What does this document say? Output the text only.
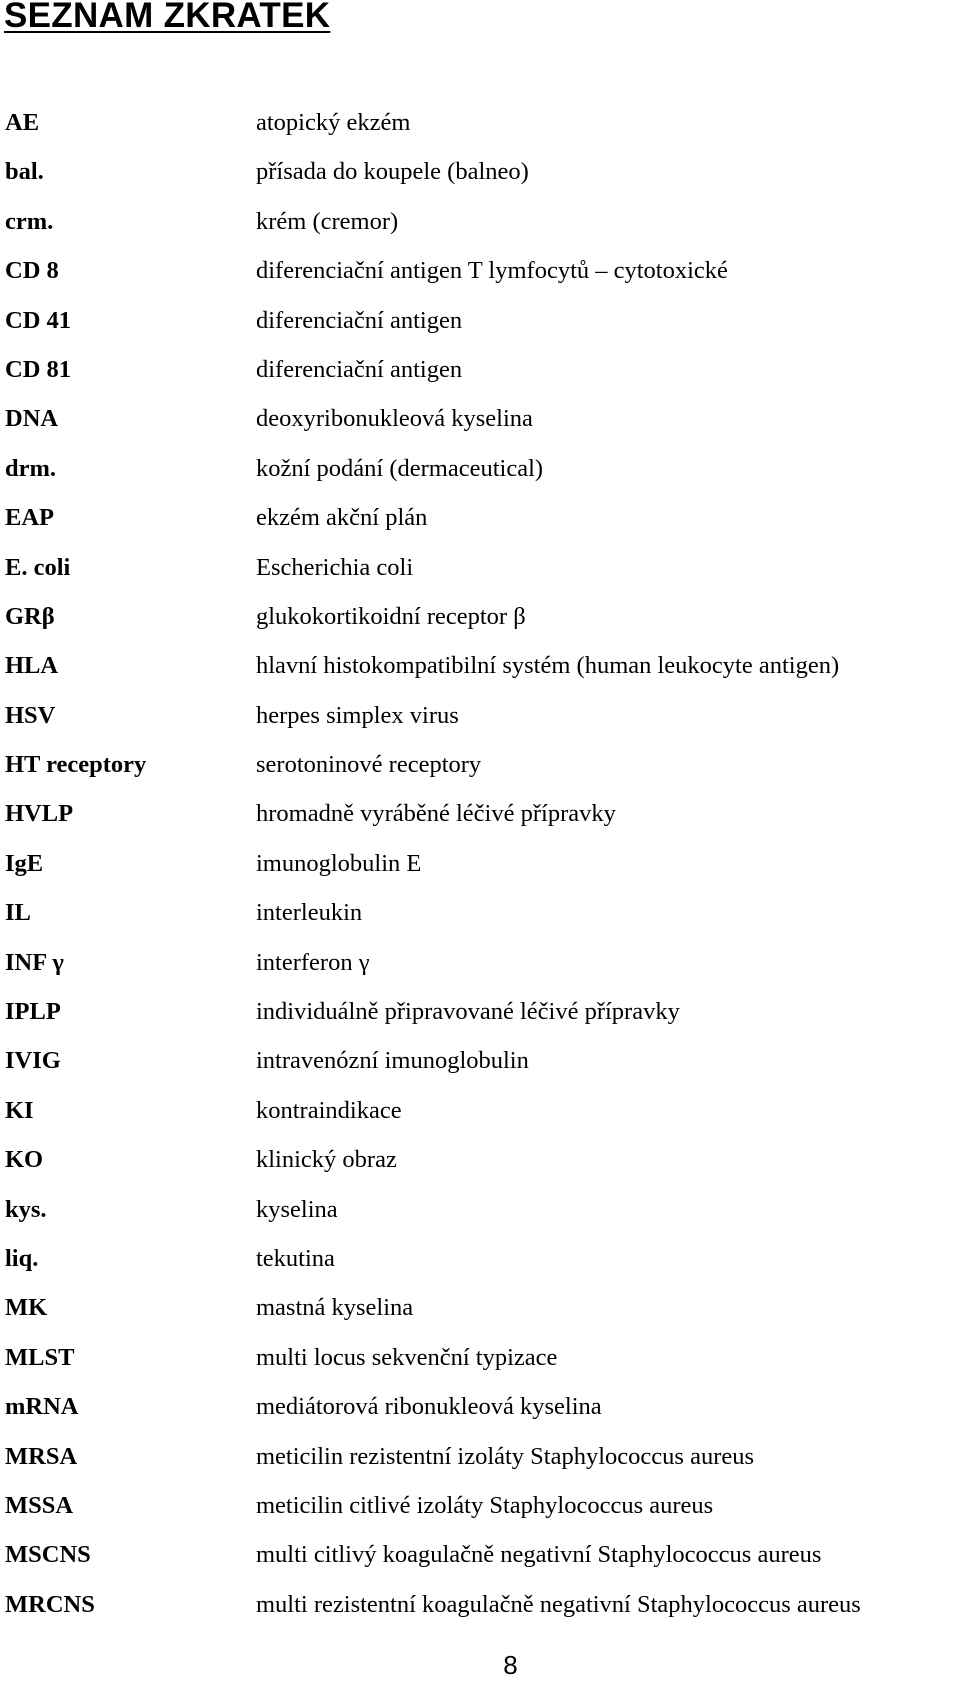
SEZNAM ZKRATEK
AE	atopický ekzém
bal.	přísada do koupele (balneo)
crm.	krém (cremor)
CD 8	diferenciační antigen T lymfocytů – cytotoxické
CD 41	diferenciační antigen
CD 81	diferenciační antigen
DNA	deoxyribonukleová kyselina
drm.	kožní podání (dermaceutical)
EAP	ekzém akční plán
E. coli	Escherichia coli
GRβ	glukokortikoidní receptor β
HLA	hlavní histokompatibilní systém (human leukocyte antigen)
HSV	herpes simplex virus
HT receptory	serotoninové receptory
HVLP	hromadně vyráběné léčivé přípravky
IgE	imunoglobulin E
IL	interleukin
INF γ	interferon γ
IPLP	individuálně připravované léčivé přípravky
IVIG	intravenózní imunoglobulin
KI	kontraindikace
KO	klinický obraz
kys.	kyselina
liq.	tekutina
MK	mastná kyselina
MLST	multi locus sekvenční typizace
mRNA	mediátorová ribonukleová kyselina
MRSA	meticilin rezistentní izoláty Staphylococcus aureus
MSSA	meticilin citlivé izoláty Staphylococcus aureus
MSCNS	multi citlivý koagulačně negativní Staphylococcus aureus
MRCNS	multi rezistentní koagulačně negativní Staphylococcus aureus
8
